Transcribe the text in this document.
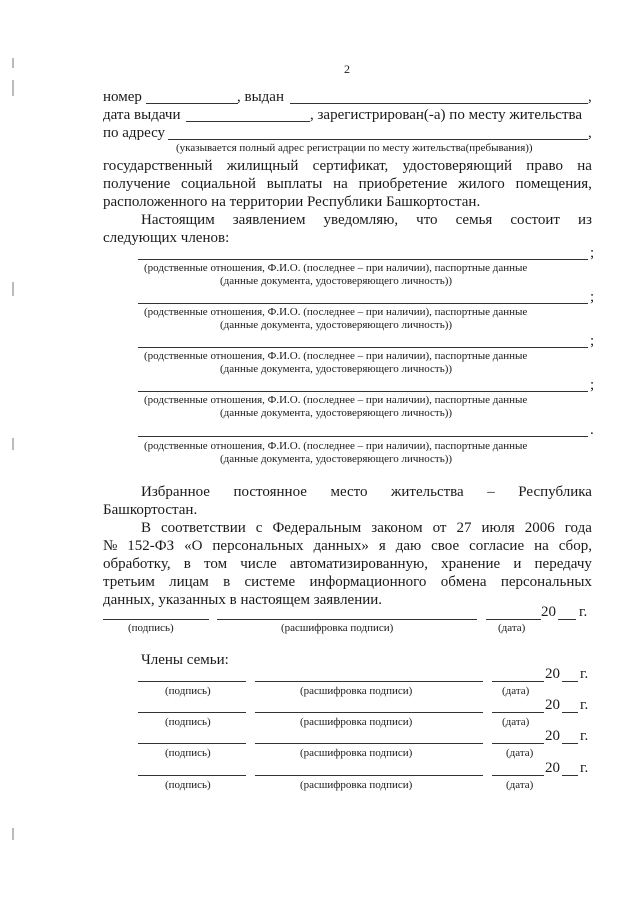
2
номер	, выдан	,
дата выдачи	, зарегистрирован(-а) по месту жительства
по адресу	,
(указывается полный адрес регистрации по месту жительства(пребывания))
государственный жилищный сертификат, удостоверяющий право на
получение социальной выплаты на приобретение жилого помещения,
расположенного на территории Республики Башкортостан.
Настоящим заявлением уведомляю, что семья состоит из
следующих членов:
;
(родственные отношения, Ф.И.О. (последнее – при наличии), паспортные данные
(данные документа, удостоверяющего личность))
;
(родственные отношения, Ф.И.О. (последнее – при наличии), паспортные данные
(данные документа, удостоверяющего личность))
;
(родственные отношения, Ф.И.О. (последнее – при наличии), паспортные данные
(данные документа, удостоверяющего личность))
;
(родственные отношения, Ф.И.О. (последнее – при наличии), паспортные данные
(данные документа, удостоверяющего личность))
.
(родственные отношения, Ф.И.О. (последнее – при наличии), паспортные данные
(данные документа, удостоверяющего личность))
Избранное постоянное место жительства – Республика
Башкортостан.
В соответствии с Федеральным законом от 27 июля 2006 года
№ 152-ФЗ «О персональных данных» я даю свое согласие на сбор,
обработку, в том числе автоматизированную, хранение и передачу
третьим лицам в системе информационного обмена персональных
данных, указанных в настоящем заявлении.
20 г.
(подпись)	(расшифровка подписи)	(дата)
Члены семьи:
20 г.
(подпись)	(расшифровка подписи)	(дата)
20 г.
(подпись)	(расшифровка подписи)	(дата)
20 г.
(подпись)	(расшифровка подписи)	(дата)
20 г.
(подпись)	(расшифровка подписи)	(дата)
